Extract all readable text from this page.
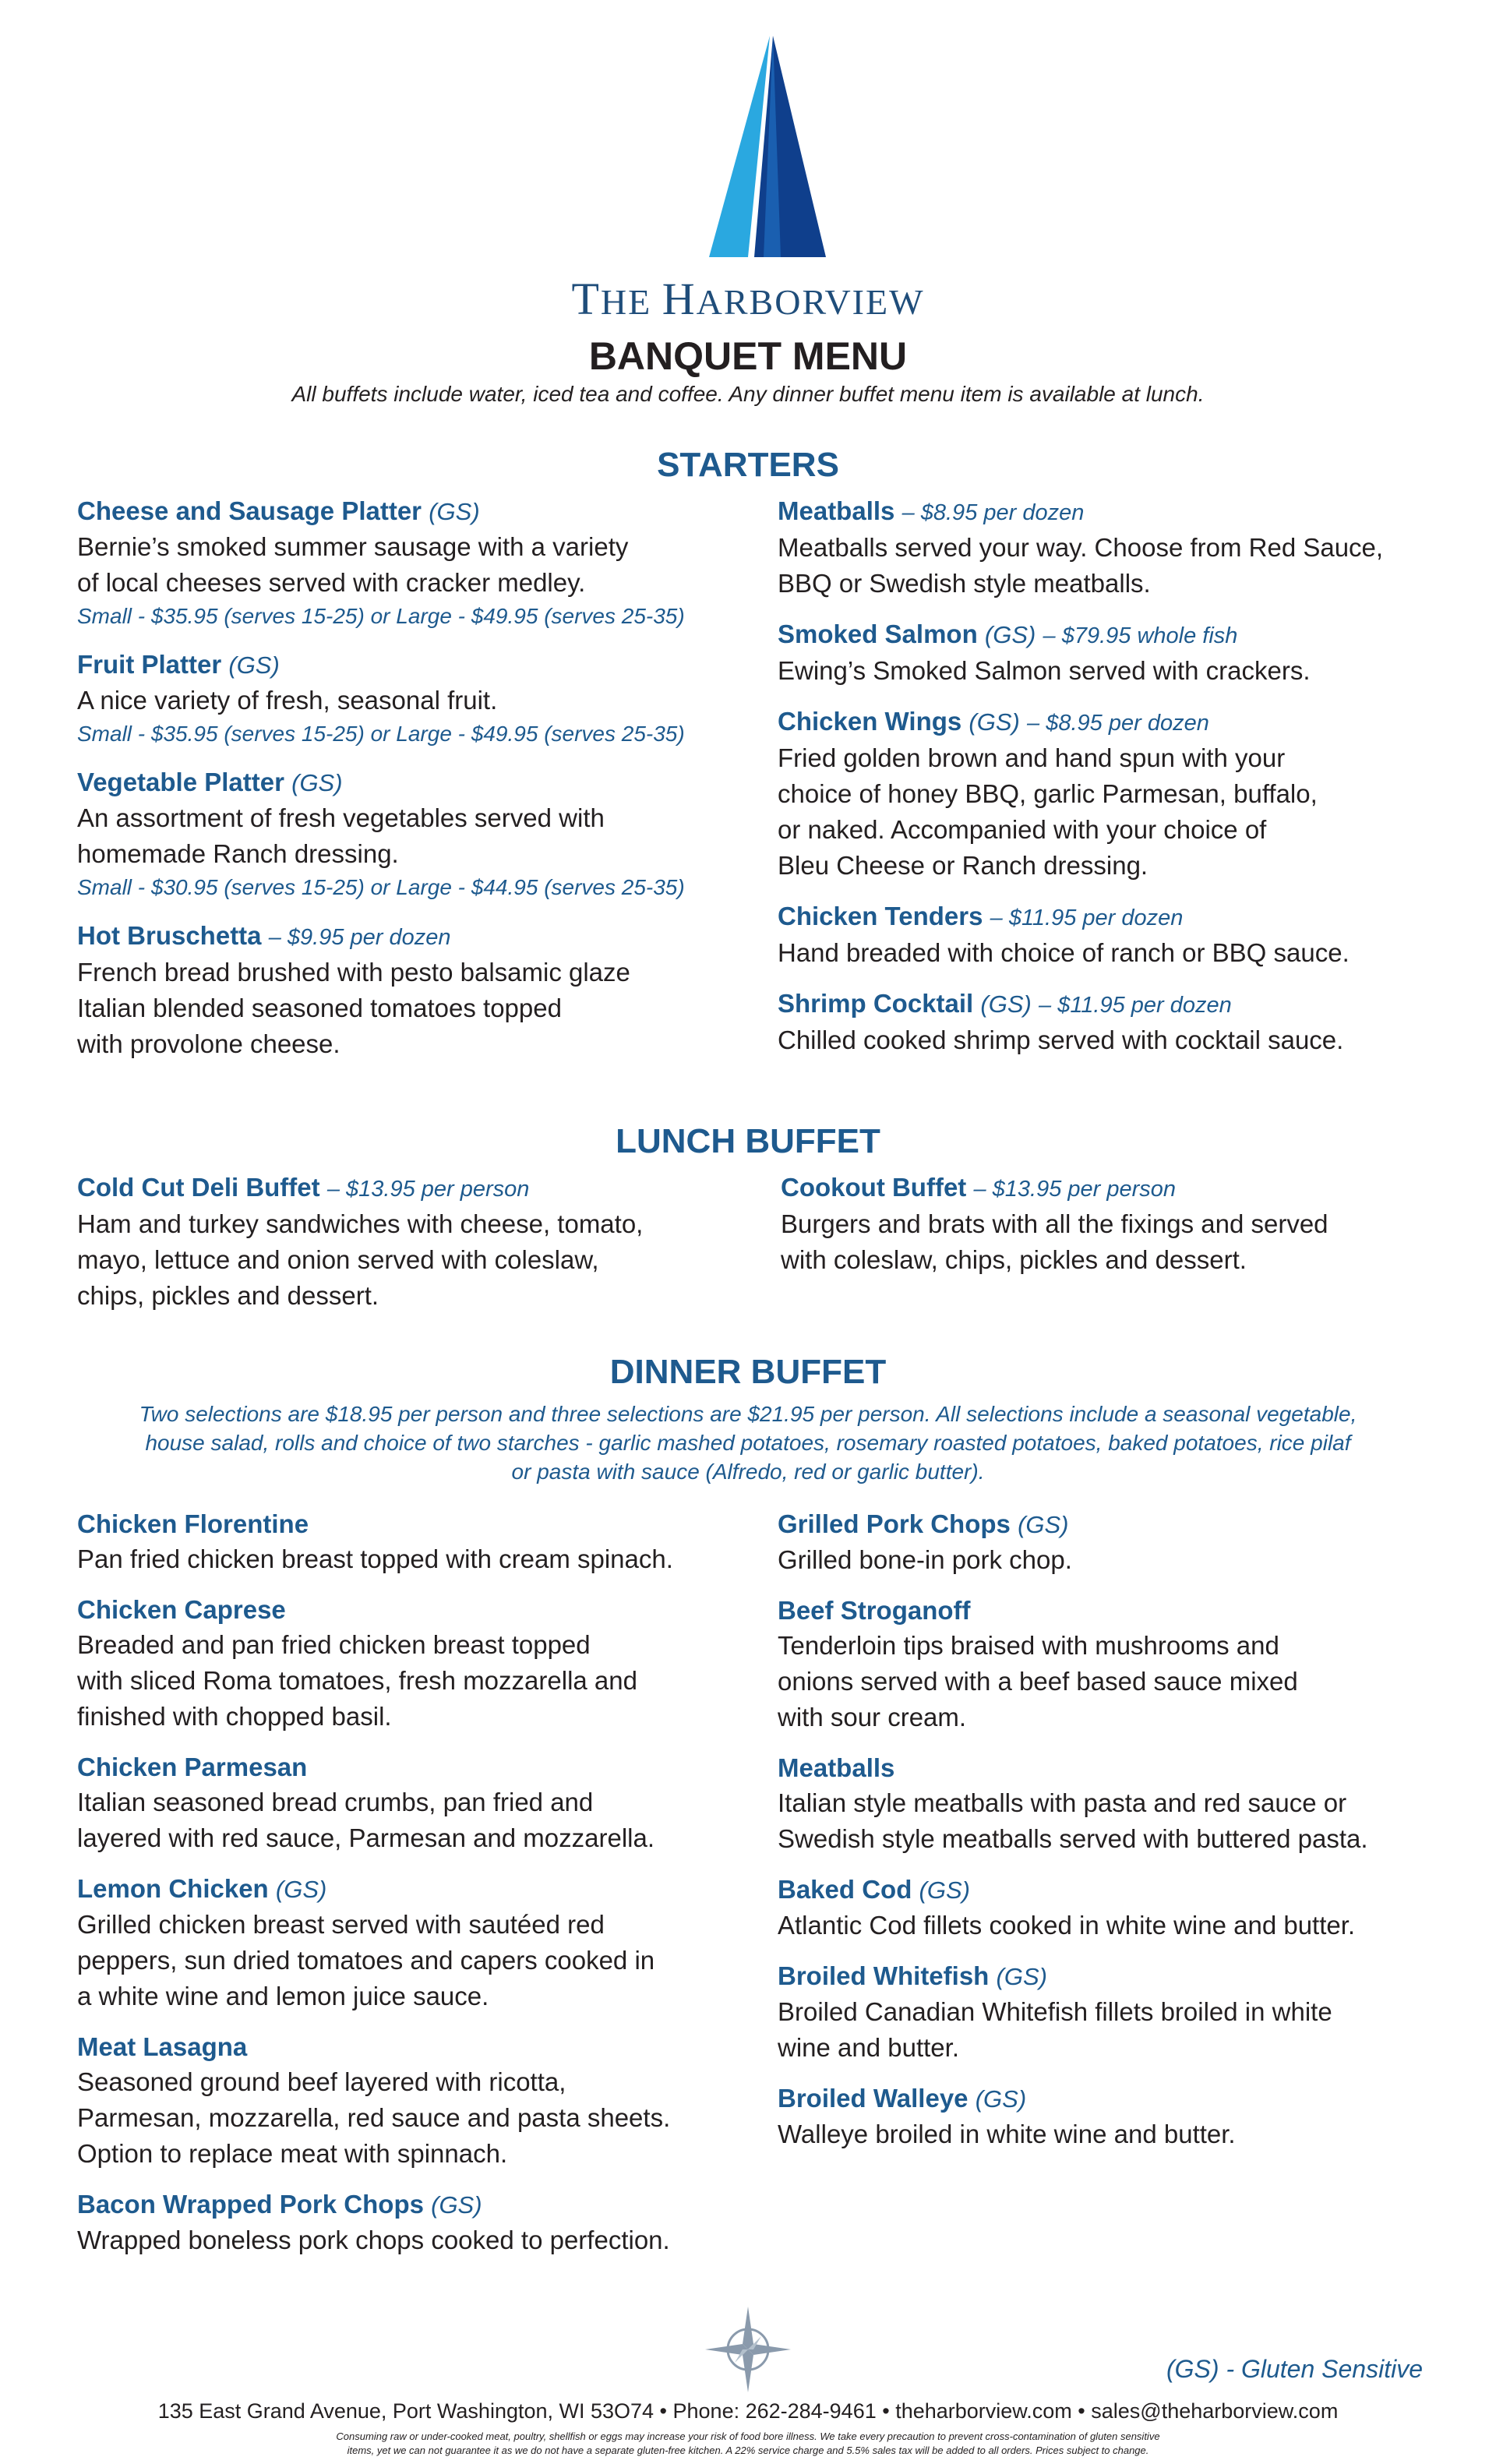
THE HARBORVIEW
BANQUET MENU
All buffets include water, iced tea and coffee. Any dinner buffet menu item is available at lunch.
STARTERS
Cheese and Sausage Platter (GS)
Bernie’s smoked summer sausage with a variety
of local cheeses served with cracker medley.
Small - $35.95 (serves 15-25) or Large - $49.95 (serves 25-35)
Fruit Platter (GS)
A nice variety of fresh, seasonal fruit.
Small - $35.95 (serves 15-25) or Large - $49.95 (serves 25-35)
Vegetable Platter (GS)
An assortment of fresh vegetables served with
homemade Ranch dressing.
Small - $30.95 (serves 15-25) or Large - $44.95 (serves 25-35)
Hot Bruschetta – $9.95 per dozen
French bread brushed with pesto balsamic glaze
Italian blended seasoned tomatoes topped
with provolone cheese.
Meatballs – $8.95 per dozen
Meatballs served your way. Choose from Red Sauce,
BBQ or Swedish style meatballs.
Smoked Salmon (GS) – $79.95 whole fish
Ewing’s Smoked Salmon served with crackers.
Chicken Wings (GS) – $8.95 per dozen
Fried golden brown and hand spun with your
choice of honey BBQ, garlic Parmesan, buffalo,
or naked. Accompanied with your choice of
Bleu Cheese or Ranch dressing.
Chicken Tenders – $11.95 per dozen
Hand breaded with choice of ranch or BBQ sauce.
Shrimp Cocktail (GS) – $11.95 per dozen
Chilled cooked shrimp served with cocktail sauce.
LUNCH BUFFET
Cold Cut Deli Buffet – $13.95 per person
Ham and turkey sandwiches with cheese, tomato,
mayo, lettuce and onion served with coleslaw,
chips, pickles and dessert.
Cookout Buffet – $13.95 per person
Burgers and brats with all the fixings and served
with coleslaw, chips, pickles and dessert.
DINNER BUFFET
Two selections are $18.95 per person and three selections are $21.95 per person. All selections include a seasonal vegetable,
house salad, rolls and choice of two starches - garlic mashed potatoes, rosemary roasted potatoes, baked potatoes, rice pilaf
or pasta with sauce (Alfredo, red or garlic butter).
Chicken Florentine
Pan fried chicken breast topped with cream spinach.
Chicken Caprese
Breaded and pan fried chicken breast topped
with sliced Roma tomatoes, fresh mozzarella and
finished with chopped basil.
Chicken Parmesan
Italian seasoned bread crumbs, pan fried and
layered with red sauce, Parmesan and mozzarella.
Lemon Chicken (GS)
Grilled chicken breast served with sautéed red
peppers, sun dried tomatoes and capers cooked in
a white wine and lemon juice sauce.
Meat Lasagna
Seasoned ground beef layered with ricotta,
Parmesan, mozzarella, red sauce and pasta sheets.
Option to replace meat with spinnach.
Bacon Wrapped Pork Chops (GS)
Wrapped boneless pork chops cooked to perfection.
Grilled Pork Chops (GS)
Grilled bone-in pork chop.
Beef Stroganoff
Tenderloin tips braised with mushrooms and
onions served with a beef based sauce mixed
with sour cream.
Meatballs
Italian style meatballs with pasta and red sauce or
Swedish style meatballs served with buttered pasta.
Baked Cod (GS)
Atlantic Cod fillets cooked in white wine and butter.
Broiled Whitefish (GS)
Broiled Canadian Whitefish fillets broiled in white
wine and butter.
Broiled Walleye (GS)
Walleye broiled in white wine and butter.
(GS) - Gluten Sensitive
135 East Grand Avenue, Port Washington, WI 53O74 • Phone: 262-284-9461 • theharborview.com • sales@theharborview.com
Consuming raw or under-cooked meat, poultry, shellfish or eggs may increase your risk of food bore illness. We take every precaution to prevent cross-contamination of gluten sensitive
items, yet we can not guarantee it as we do not have a separate gluten-free kitchen. A 22% service charge and 5.5% sales tax will be added to all orders. Prices subject to change.
